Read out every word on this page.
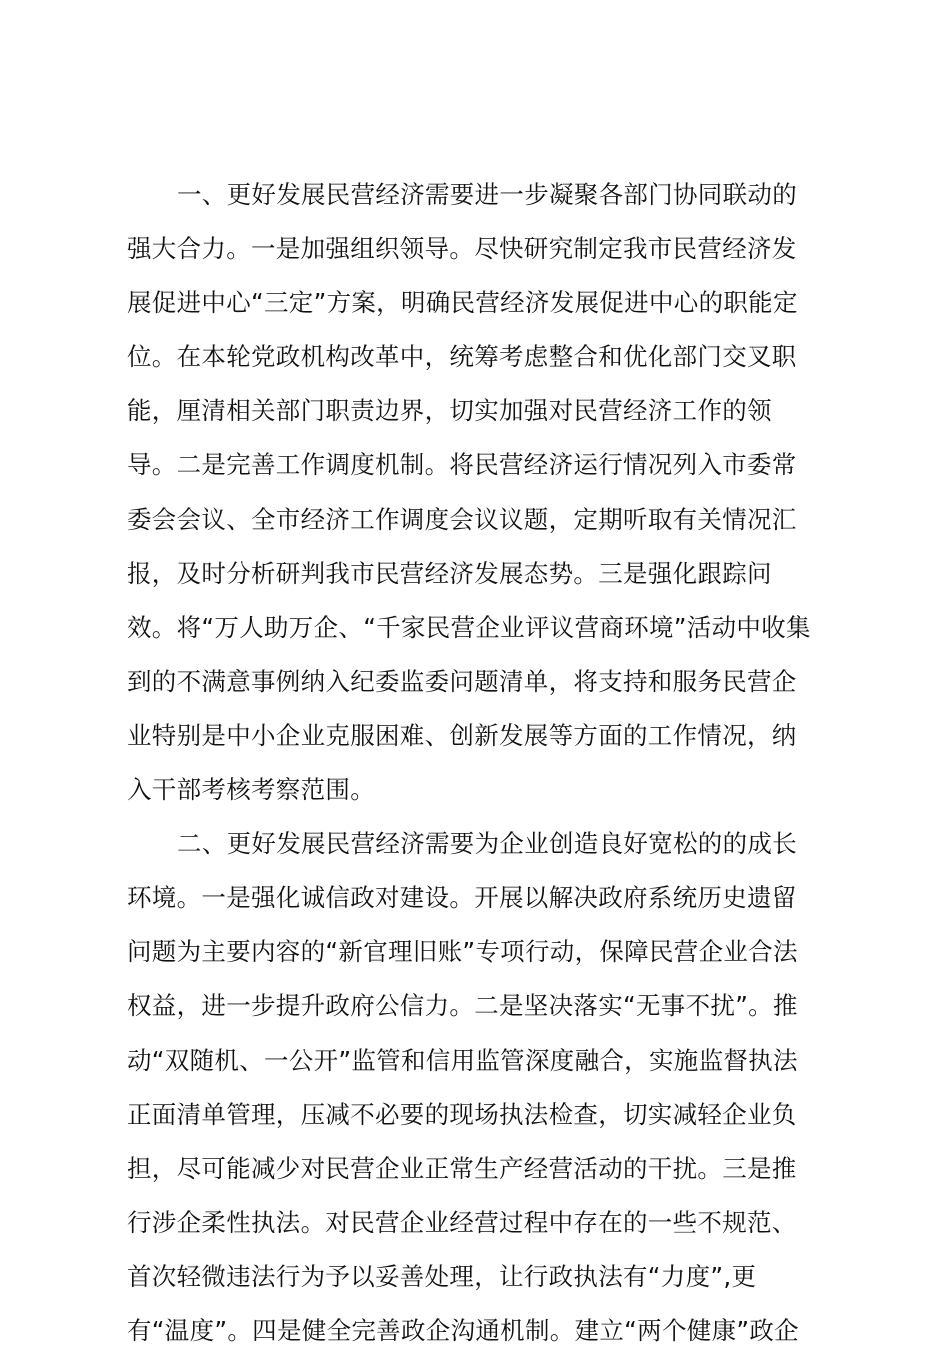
一、更好发展民营经济需要进一步凝聚各部门协同联动的
强大合力。一是加强组织领导。尽快研究制定我市民营经济发
展促进中心“三定”方案，明确民营经济发展促进中心的职能定
位。在本轮党政机构改革中，统筹考虑整合和优化部门交叉职
能，厘清相关部门职责边界，切实加强对民营经济工作的领
导。二是完善工作调度机制。将民营经济运行情况列入市委常
委会会议、全市经济工作调度会议议题，定期听取有关情况汇
报，及时分析研判我市民营经济发展态势。三是强化跟踪问
效。将“万人助万企、“千家民营企业评议营商环境”活动中收集
到的不满意事例纳入纪委监委问题清单，将支持和服务民营企
业特别是中小企业克服困难、创新发展等方面的工作情况，纳
入干部考核考察范围。
二、更好发展民营经济需要为企业创造良好宽松的的成长
环境。一是强化诚信政对建设。开展以解决政府系统历史遗留
问题为主要内容的“新官理旧账”专项行动，保障民营企业合法
权益，进一步提升政府公信力。二是坚决落实“无事不扰”。推
动“双随机、一公开”监管和信用监管深度融合，实施监督执法
正面清单管理，压减不必要的现场执法检查，切实减轻企业负
担，尽可能减少对民营企业正常生产经营活动的干扰。三是推
行涉企柔性执法。对民营企业经营过程中存在的一些不规范、
首次轻微违法行为予以妥善处理，让行政执法有“力度”,更
有“温度”。四是健全完善政企沟通机制。建立“两个健康”政企
